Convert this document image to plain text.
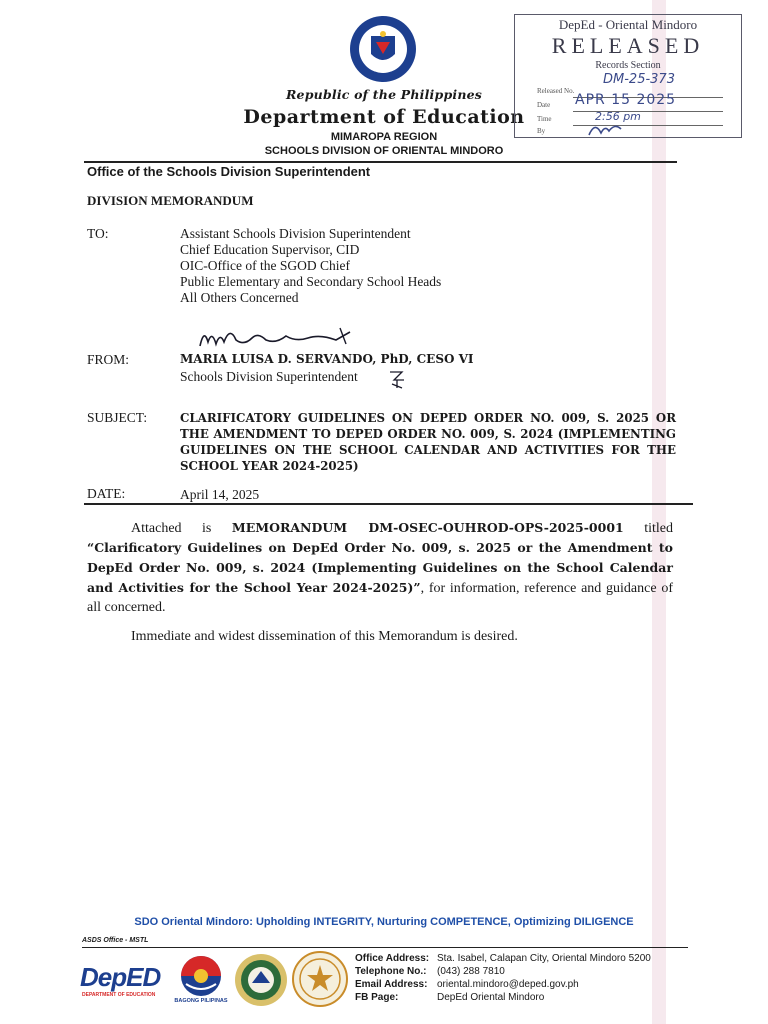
Republic of the Philippines
Department of Education
MIMAROPA REGION
SCHOOLS DIVISION OF ORIENTAL MINDORO
Office of the Schools Division Superintendent
DepEd - Oriental Mindoro
RELEASED
Records Section
Released No.
DM-25-373
Date APR 15 2025
Time	2:56 pm
By
DIVISION MEMORANDUM
TO:	Assistant Schools Division Superintendent
Chief Education Supervisor, CID
OIC-Office of the SGOD Chief
Public Elementary and Secondary School Heads
All Others Concerned
FROM:	MARIA LUISA D. SERVANDO, PhD, CESO VI
Schools Division Superintendent
SUBJECT:	CLARIFICATORY GUIDELINES ON DEPED ORDER NO. 009, S. 2025 OR THE AMENDMENT TO DEPED ORDER NO. 009, S. 2024 (IMPLEMENTING GUIDELINES ON THE SCHOOL CALENDAR AND ACTIVITIES FOR THE SCHOOL YEAR 2024-2025)
DATE:	April 14, 2025
Attached is MEMORANDUM DM-OSEC-OUHROD-OPS-2025-0001 titled “Clarificatory Guidelines on DepEd Order No. 009, s. 2025 or the Amendment to DepEd Order No. 009, s. 2024 (Implementing Guidelines on the School Calendar and Activities for the School Year 2024-2025)”, for information, reference and guidance of all concerned.
Immediate and widest dissemination of this Memorandum is desired.
SDO Oriental Mindoro: Upholding INTEGRITY, Nurturing COMPETENCE, Optimizing DILIGENCE
ASDS Office - MSTL
DepED
DEPARTMENT OF EDUCATION
BAGONG PILIPINAS
Office Address: Sta. Isabel, Calapan City, Oriental Mindoro 5200
Telephone No.: (043) 288 7810
Email Address: oriental.mindoro@deped.gov.ph
FB Page:	DepEd Oriental Mindoro
